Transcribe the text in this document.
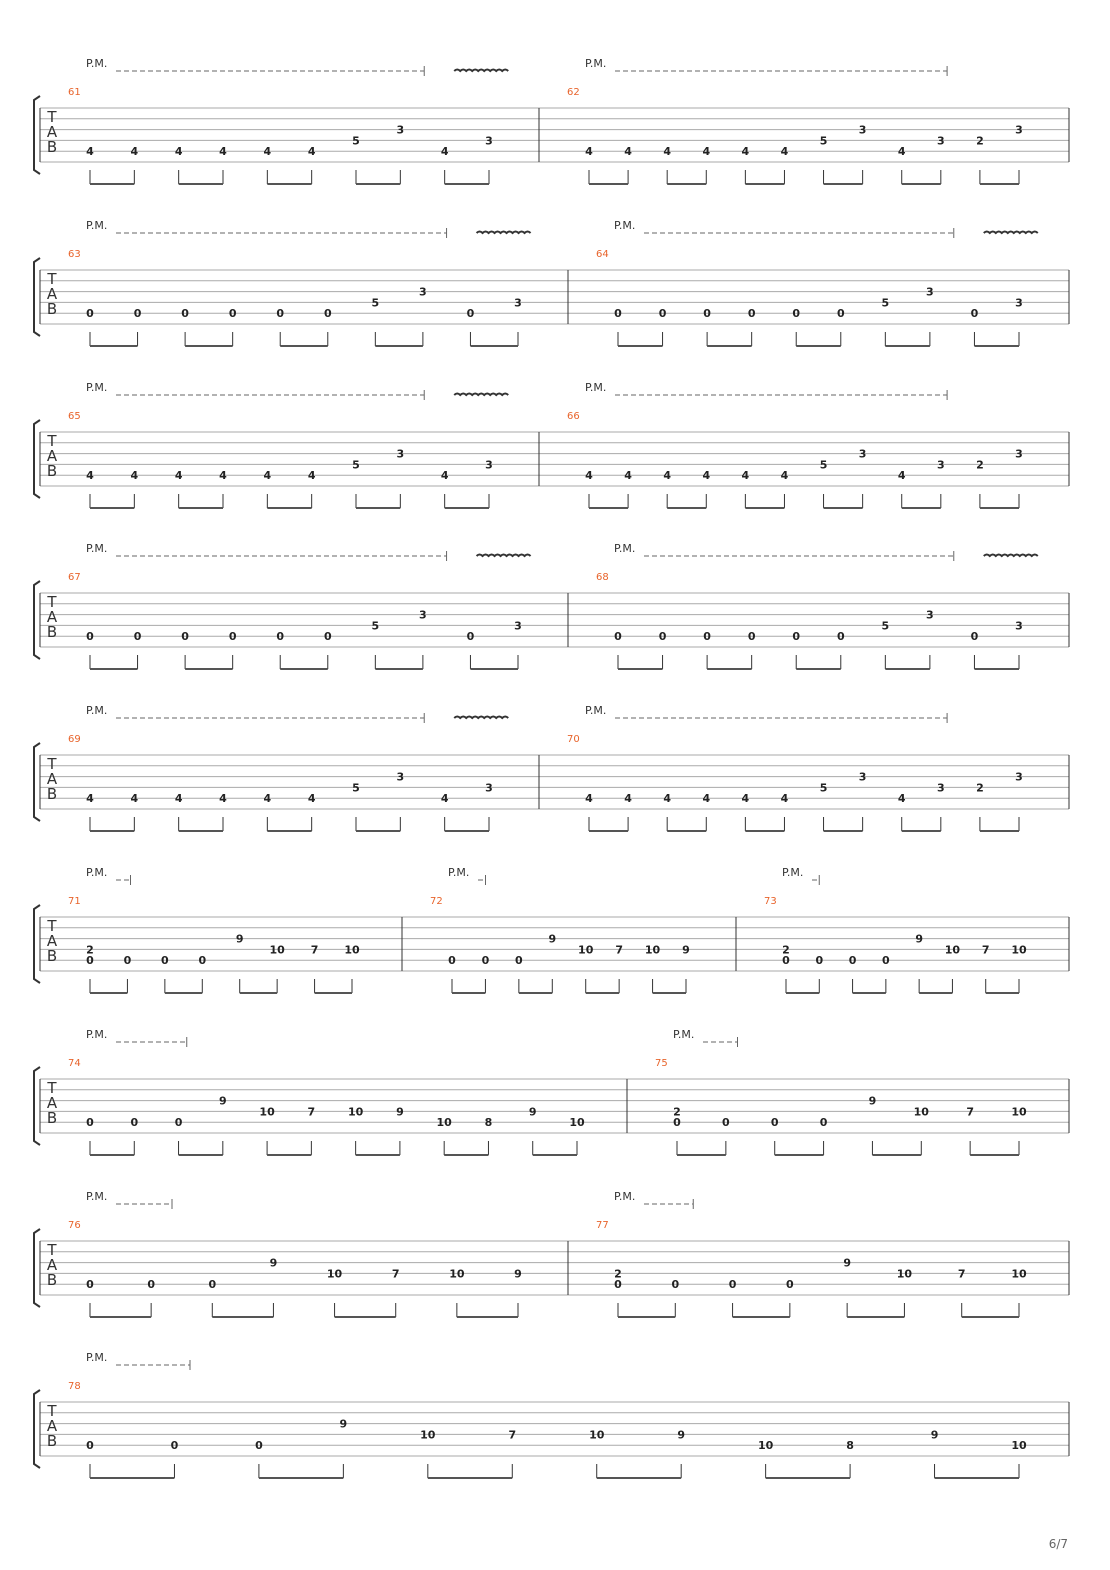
T
A
B
61
P.M.
4	4	4	4	4	4
5
3
4
3
62
P.M.
4	4	4	4	4	4
5
3
4
3	2
3
T
A
B
63
P.M.
0	0	0	0	0	0
5
3
0
3
64
P.M.
0	0	0	0	0	0
5
3
0
3
T
A
B
65
P.M.
4	4	4	4	4	4
5
3
4
3
66
P.M.
4	4	4	4	4	4
5
3
4
3	2
3
T
A
B
67
P.M.
0	0	0	0	0	0
5
3
0
3
68
P.M.
0	0	0	0	0	0
5
3
0
3
T
A
B
69
P.M.
4	4	4	4	4	4
5
3
4
3
70
P.M.
4	4	4	4	4	4
5
3
4
3	2
3
T
A
B
71
P.M.
2
0	0	0	0
9
10 7 10
72
P.M.
0 0 0
9
10 7 10 9
73
P.M.
2
0 0 0 0
9
10 7 10
T
A
B
74
P.M.
0	0	0
9
10	7	10	9
10	8
9
10
75
P.M.
2
0	0	0	0
9
10	7	10
T
A
B
76
P.M.
0	0	0
9
10	7	10	9
77
P.M.
2
0	0	0	0
9
10	7	10
T
A
B
78
P.M.
0	0	0
9
10	7	10	9
10	8
9
10
6/7
